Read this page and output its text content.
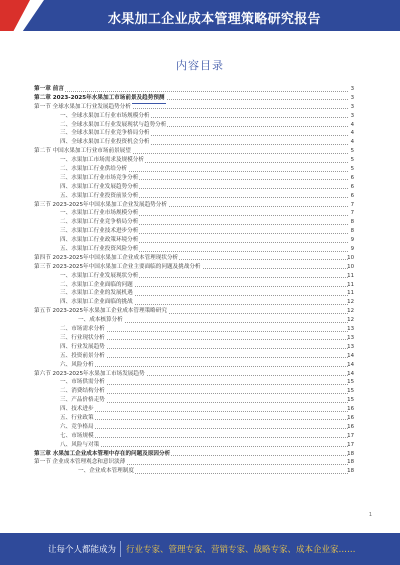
水果加工企业成本管理策略研究报告
内容目录
第一章 前言	3
第二章 2023-2025年水果加工市场前景及趋势预测	3
第一节 全球水果加工行业发展趋势分析	3
一、全球水果加工行业市场规模分析	3
二、全球水果加工行业发展现状与趋势分析	4
三、全球水果加工行业竞争格局分析	4
四、全球水果加工行业投资机会分析	4
第二节 中国水果加工行业市场前景展望	5
一、水果加工市场需求及规模分析	5
二、水果加工行业供给分析	5
三、水果加工行业市场竞争分析	6
四、水果加工行业发展趋势分析	6
五、水果加工行业投资前景分析	6
第三节 2023-2025年中国水果加工企业发展趋势分析	7
一、水果加工行业市场规模分析	7
二、水果加工行业竞争格局分析	8
三、水果加工行业技术进步分析	8
四、水果加工行业政策环境分析	9
五、水果加工行业投资风险分析	9
第四节 2023-2025年中国水果加工企业成本管理现状分析	10
第三节 2023-2025年中国水果加工企业主要面临的问题及挑战分析	10
一、水果加工行业发展现状分析	11
二、水果加工企业面临的问题	11
三、水果加工企业的发展机遇	11
四、水果加工企业面临的挑战	12
第五节 2023-2025年水果加工企业成本管理策略研究	12
一、成本核算分析	12
二、市场需求分析	13
三、行业现状分析	13
四、行业发展趋势	13
五、投资前景分析	14
六、风险分析	14
第六节 2023-2025年水果加工市场发展趋势	14
一、市场供需分析	15
二、消费结构分析	15
三、产品价格走势	15
四、技术进步	16
五、行业政策	16
六、竞争格局	16
七、市场规模	17
八、风险与对策	17
第三章 水果加工企业成本管理中存在的问题及原因分析	18
第一节 企业成本管理观念和意识淡薄	18
一、企业成本管理制度	18
1
让每个人都能成为 行业专家、管理专家、营销专家、战略专家、成本企业家……
